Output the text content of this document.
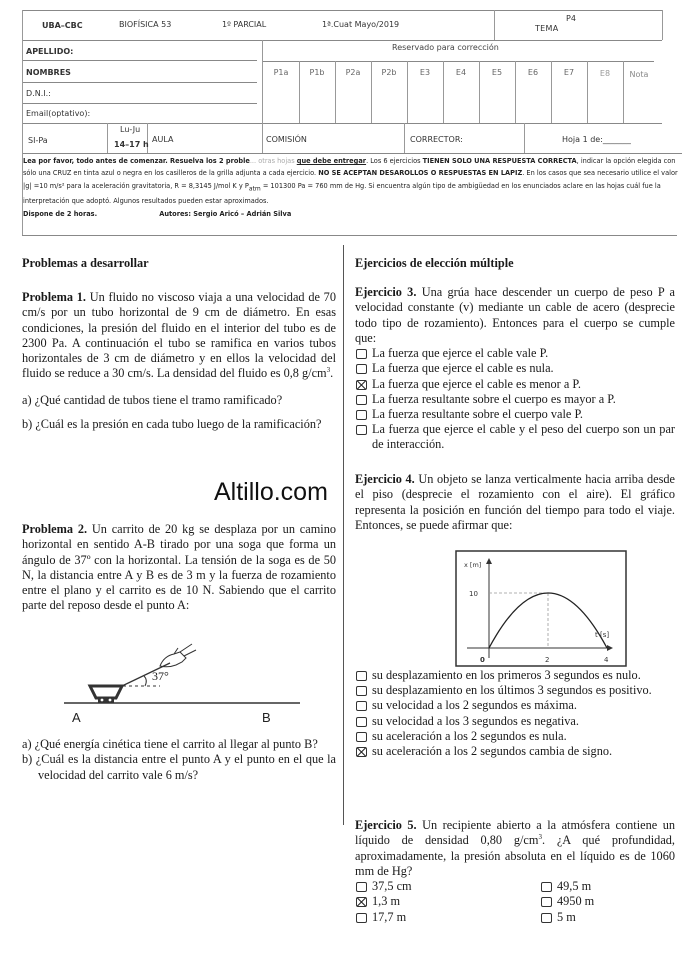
UBA–CBC	BIOFÍSICA 53	1º PARCIAL	1ª.Cuat Mayo/2019	TEMA
P4
APELLIDO:
NOMBRES
D.N.I.:
Email(optativo):
Reservado para corrección
P1a	P1b	P2a	P2b	E3	E4	E5	E6	E7	E8	Nota
SI-Pa
Lu-Ju
14–17 h
AULA	COMISIÓN	CORRECTOR:	Hoja 1 de:_______
Lea por favor, todo antes de comenzar. Resuelva los 2 proble... otras hojas que debe entregar. Los 6 ejercicios TIENEN SOLO UNA RESPUESTA CORRECTA, indicar la opción elegida con sólo una CRUZ en tinta azul o negra en los casilleros de la grilla adjunta a cada ejercicio. NO SE ACEPTAN DESAROLLOS O RESPUESTAS EN LAPIZ. En los casos que sea necesario utilice el valor |g| =10 m/s² para la aceleración gravitatoria, R = 8,3145 J/mol K y $P_{atm} = 101300$ Pa = 760 mm de Hg. Si encuentra algún tipo de ambigüedad en los enunciados aclare en las hojas cuál fue la interpretación que adoptó. Algunos resultados pueden estar aproximados.
Dispone de 2 horas.	Autores: Sergio Aricó – Adrián Silva
Problemas a desarrollar

Problema 1. Un fluido no viscoso viaja a una velocidad de 70 cm/s por un tubo horizontal de 9 cm de diámetro. En esas condiciones, la presión del fluido en el interior del tubo es de 2300 Pa. A continuación el tubo se ramifica en varios tubos horizontales de 3 cm de diámetro y en ellos la velocidad del fluido se reduce a 30 cm/s. La densidad del fluido es 0,8 $g/cm^3$.

a) ¿Qué cantidad de tubos tiene el tramo ramificado?

b) ¿Cuál es la presión en cada tubo luego de la ramificación?

Altillo.com

Problema 2. Un carrito de 20 kg se desplaza por un camino horizontal en sentido A-B tirado por una soga que forma un ángulo de 37º con la horizontal. La tensión de la soga es de 50 N, la distancia entre A y B es de 3 m y la fuerza de rozamiento entre el plano y el carrito es de 10 N. Sabiendo que el carrito parte del reposo desde el punto A:

37°
A	B

a) ¿Qué energía cinética tiene el carrito al llegar al punto B?

b) ¿Cuál es la distancia entre el punto A y el punto en el que la velocidad del carrito vale 6 m/s?

Ejercicios de elección múltiple

Ejercicio 3. Una grúa hace descender un cuerpo de peso P a velocidad constante (v) mediante un cable de acero (desprecie todo tipo de rozamiento). Entonces para el cuerpo se cumple que:

La fuerza que ejerce el cable vale P.
La fuerza que ejerce el cable es nula.
La fuerza que ejerce el cable es menor a P.
La fuerza resultante sobre el cuerpo es mayor a P.
La fuerza resultante sobre el cuerpo vale P.
La fuerza que ejerce el cable y el peso del cuerpo son un par de interacción.

Ejercicio 4. Un objeto se lanza verticalmente hacia arriba desde el piso (desprecie el rozamiento con el aire). El gráfico representa la posición en función del tiempo para todo el viaje. Entonces, se puede afirmar que:

x [m]
10
t [s]
0	2	4
su desplazamiento en los primeros 3 segundos es nulo.
su desplazamiento en los últimos 3 segundos es positivo.
su velocidad a los 2 segundos es máxima.
su velocidad a los 3 segundos es negativa.
su aceleración a los 2 segundos es nula.
su aceleración a los 2 segundos cambia de signo.

Ejercicio 5. Un recipiente abierto a la atmósfera contiene un líquido de densidad 0,80 $g/cm^3$. ¿A qué profundidad, aproximadamente, la presión absoluta en el líquido es de 1060 mm de Hg?

37,5 cm	49,5 m
1,3 m	4950 m
17,7 m	5 m
